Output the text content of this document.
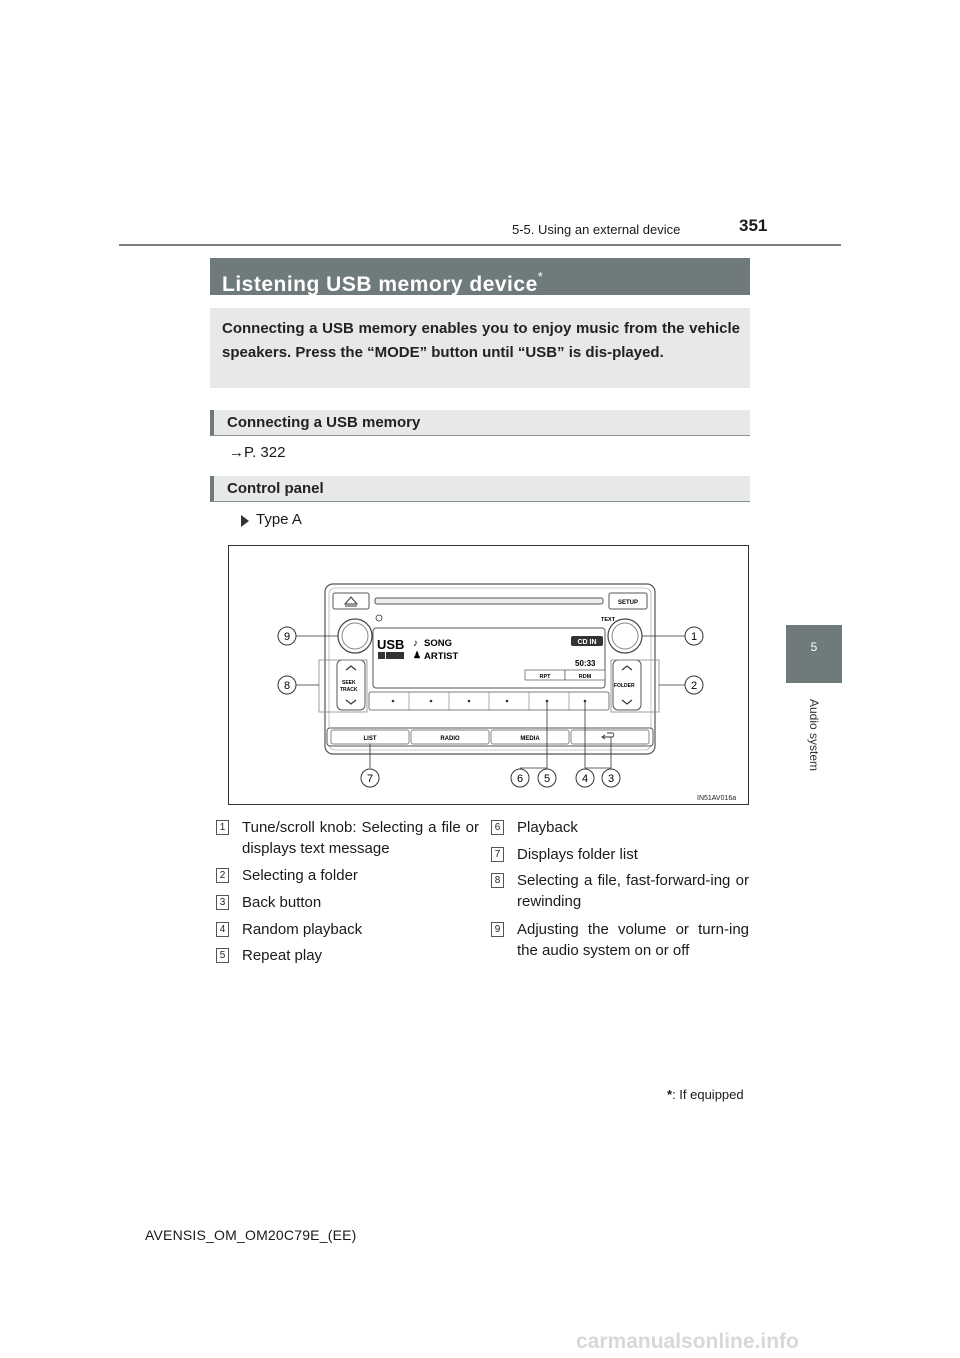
5-5. Using an external device	351
5
Audio system
Listening USB memory device*
Connecting a USB memory enables you to enjoy music from the vehicle speakers. Press the “MODE” button until “USB” is dis-played.
Connecting a USB memory
→P. 322
Control panel
Type A
SETUP
TEXT
USB ♪ SONG
♟ ARTIST
CD IN
50:33
RPT	RDM
SEEK
TRACK
FOLDER
LIST	RADIO	MEDIA
9
8
1
2
7	6 5	4 3
IN51AV016a
1 Tune/scroll knob: Selecting a file or displays text message
2 Selecting a folder
3 Back button
4 Random playback
5 Repeat play
6 Playback
7 Displays folder list
8 Selecting a file, fast-forward-ing or rewinding
9 Adjusting the volume or turn-ing the audio system on or off
*: If equipped
AVENSIS_OM_OM20C79E_(EE)
carmanualsonline.info
